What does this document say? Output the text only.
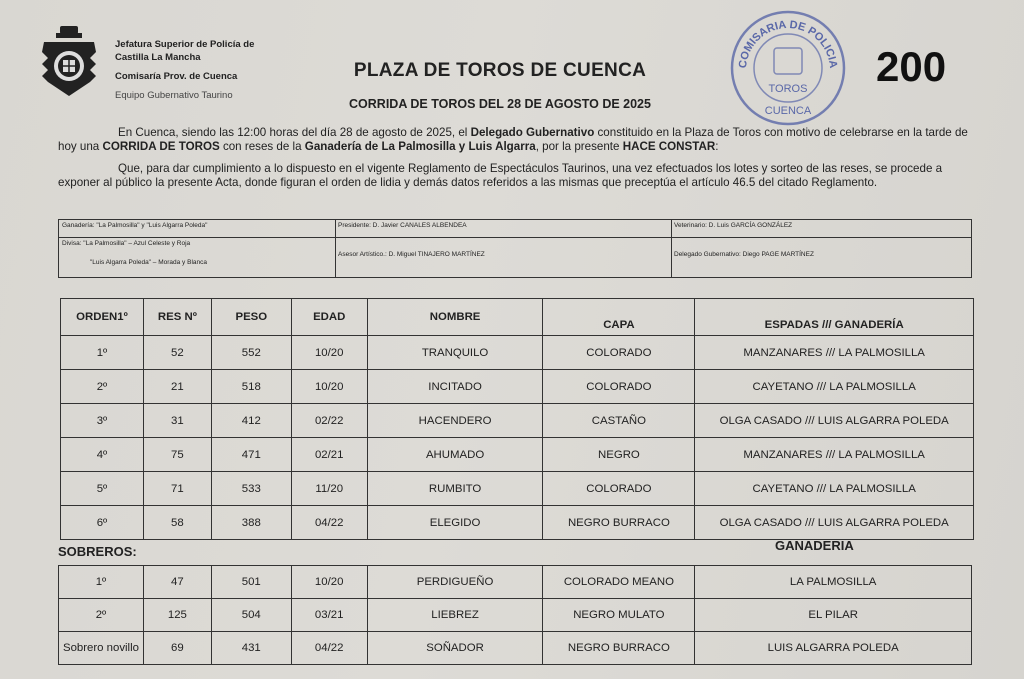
Jefatura Superior de Policía de
Castilla La Mancha
Comisaría Prov. de Cuenca
Equipo Gubernativo Taurino
PLAZA DE TOROS DE CUENCA
CORRIDA DE TOROS DEL 28 DE AGOSTO DE 2025
COMISARIA DE POLICIA
TOROS
CUENCA
200
En Cuenca, siendo las 12:00 horas del día 28 de agosto de 2025, el Delegado Gubernativo constituido en la Plaza de Toros con motivo de celebrarse en la tarde de hoy una CORRIDA DE TOROS con reses de la Ganadería de La Palmosilla y Luis Algarra, por la presente HACE CONSTAR:
Que, para dar cumplimiento a lo dispuesto en el vigente Reglamento de Espectáculos Taurinos, una vez efectuados los lotes y sorteo de las reses, se procede a exponer al público la presente Acta, donde figuran el orden de lidia y demás datos referidos a las mismas que preceptúa el artículo 46.5 del citado Reglamento.
Ganadería: "La Palmosilla" y "Luis Algarra Poleda"	Presidente: D. Javier CANALES ALBENDEA	Veterinario: D. Luis GARCÍA GONZÁLEZ
Divisa: "La Palmosilla" – Azul Celeste y Roja
"Luis Algarra Poleda" – Morada y Blanca
Asesor Artístico.: D. Miguel TINAJERO MARTÍNEZ	Delegado Gubernativo: Diego PAGE MARTÍNEZ
ORDEN1º	RES Nº	PESO	EDAD	NOMBRE	CAPA	ESPADAS /// GANADERÍA
1º	52	552	10/20	TRANQUILO	COLORADO	MANZANARES /// LA PALMOSILLA
2º	21	518	10/20	INCITADO	COLORADO	CAYETANO /// LA PALMOSILLA
3º	31	412	02/22	HACENDERO	CASTAÑO	OLGA CASADO /// LUIS ALGARRA POLEDA
4º	75	471	02/21	AHUMADO	NEGRO	MANZANARES /// LA PALMOSILLA
5º	71	533	11/20	RUMBITO	COLORADO	CAYETANO /// LA PALMOSILLA
6º	58	388	04/22	ELEGIDO	NEGRO BURRACO	OLGA CASADO /// LUIS ALGARRA POLEDA
SOBREROS:	GANADERIA
1º	47	501	10/20	PERDIGUEÑO	COLORADO MEANO	LA PALMOSILLA
2º	125	504	03/21	LIEBREZ	NEGRO MULATO	EL PILAR
Sobrero novillo	69	431	04/22	SOÑADOR	NEGRO BURRACO	LUIS ALGARRA POLEDA
